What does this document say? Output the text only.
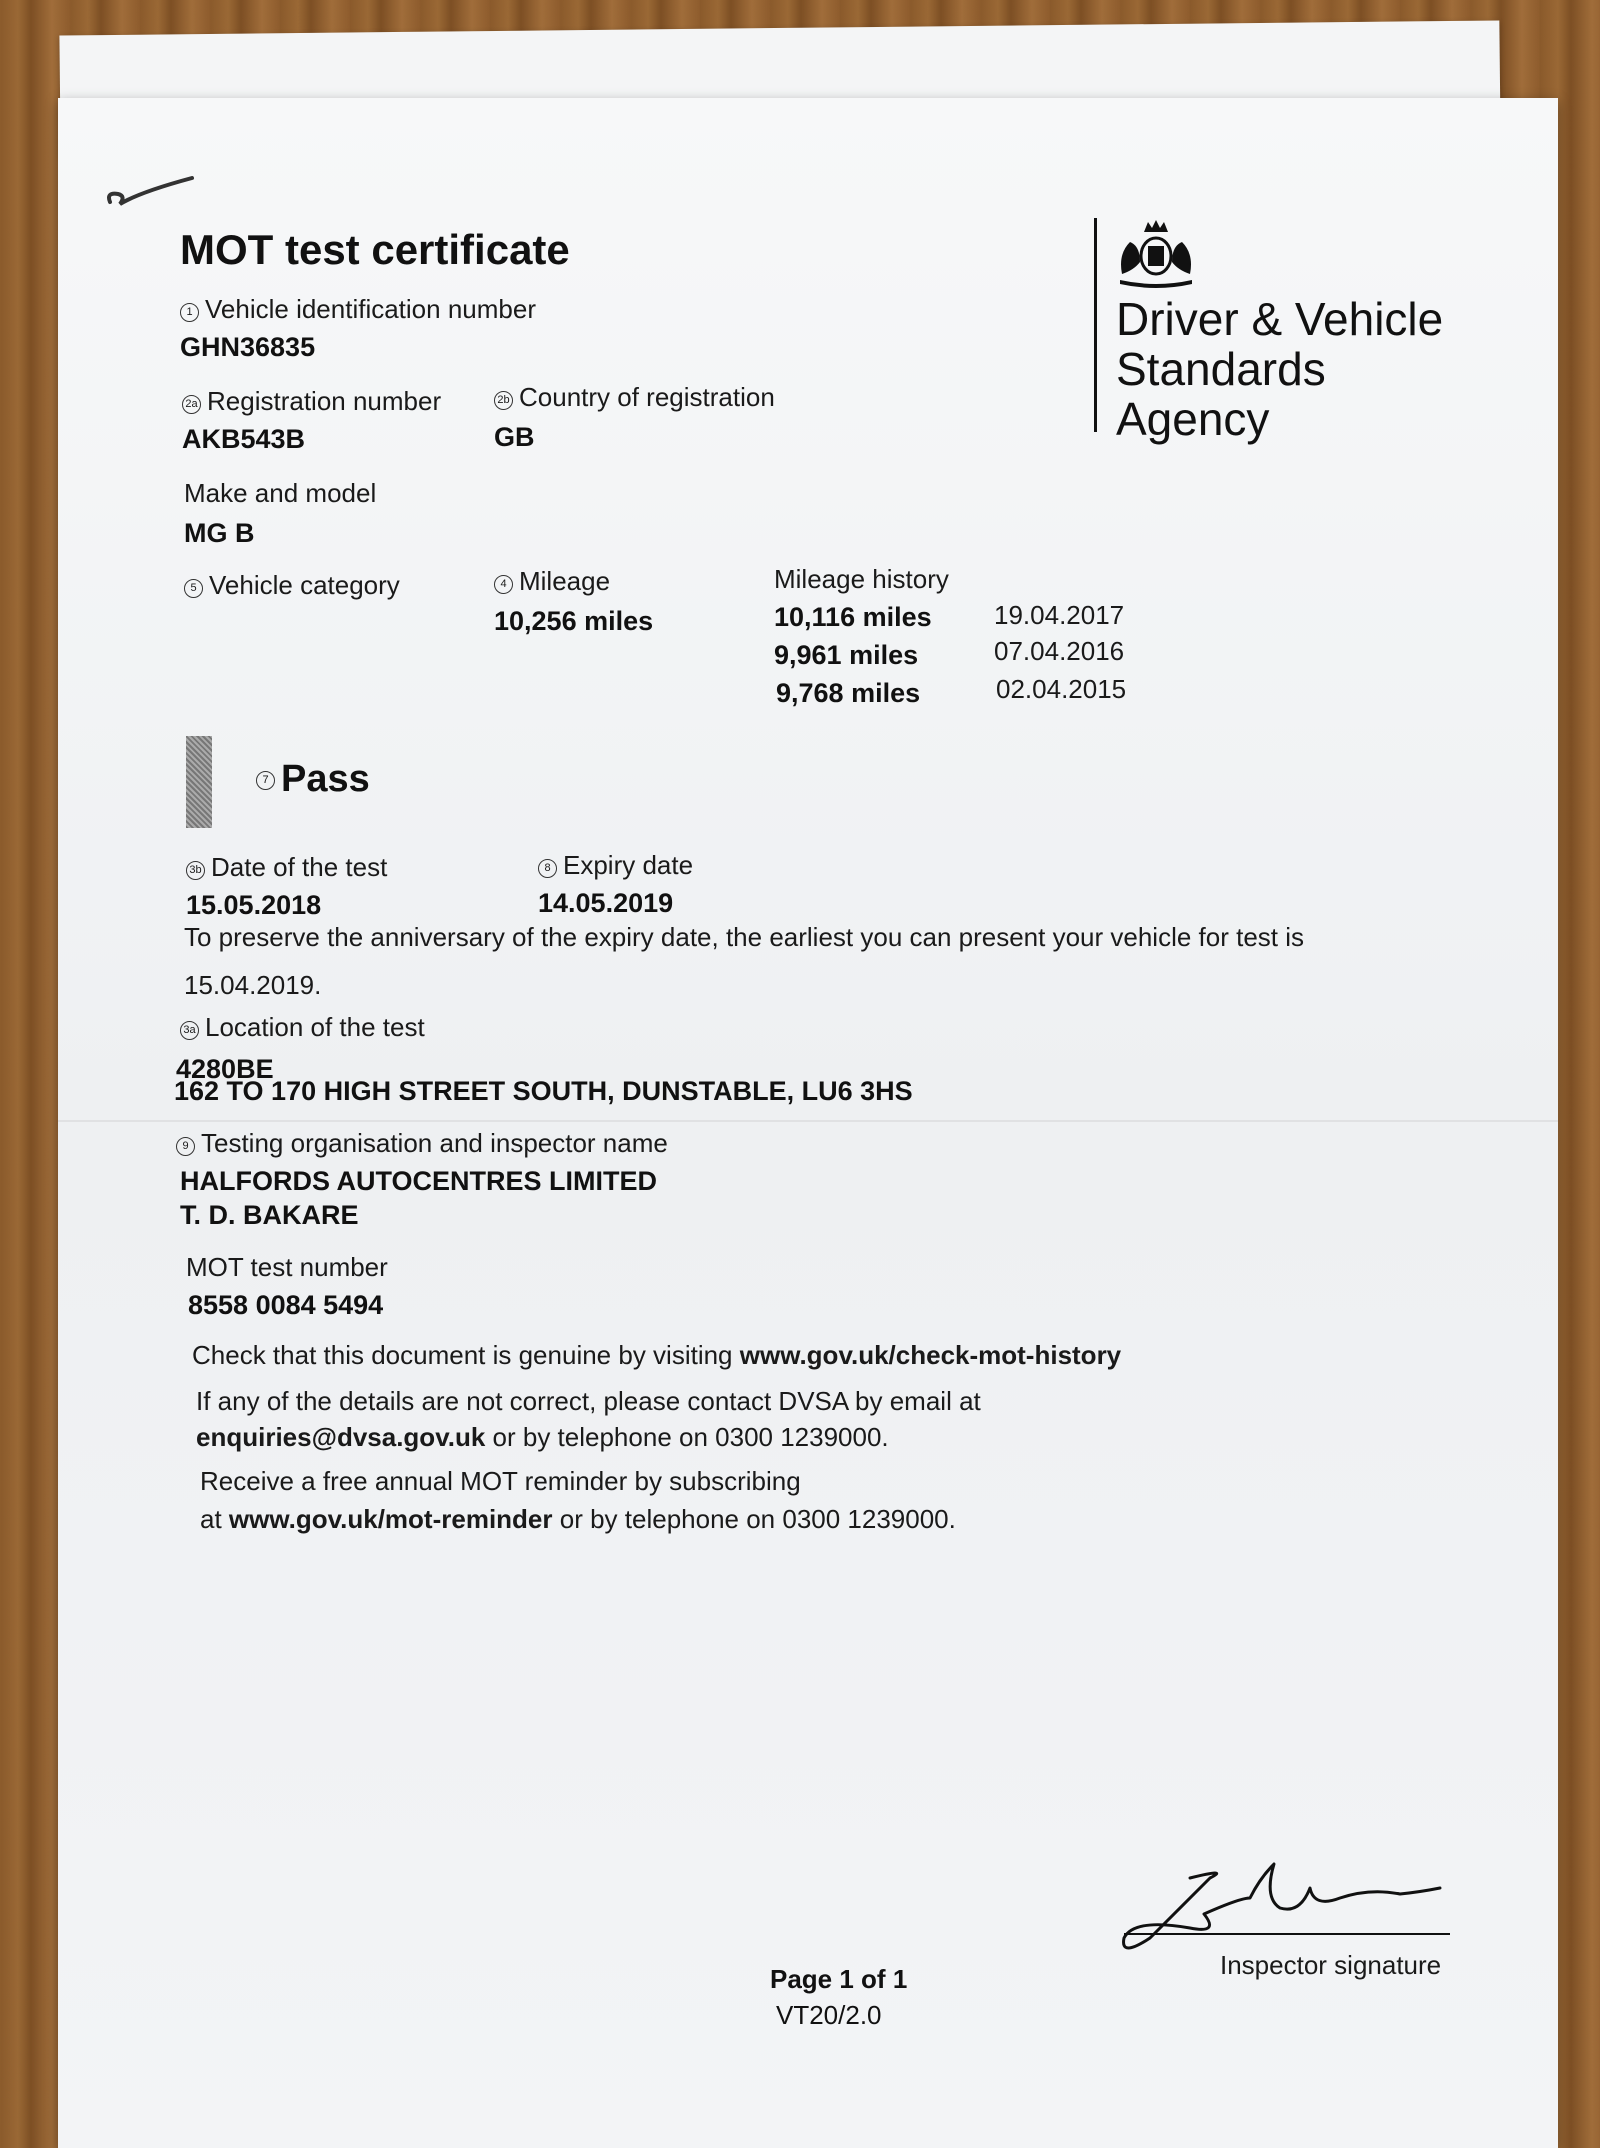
MOT test certificate
Driver & Vehicle
Standards
Agency
1 Vehicle identification number
GHN36835
2a Registration number
AKB543B
2b Country of registration
GB
Make and model
MG B
5 Vehicle category	4 Mileage
10,256 miles
Mileage history
10,116 miles 19.04.2017
9,961 miles	07.04.2016
9,768 miles	02.04.2015
7 Pass
3b Date of the test
15.05.2018
8 Expiry date
14.05.2019
To preserve the anniversary of the expiry date, the earliest you can present your vehicle for test is
15.04.2019.
3a Location of the test
4280BE
162 TO 170 HIGH STREET SOUTH, DUNSTABLE, LU6 3HS
9 Testing organisation and inspector name
HALFORDS AUTOCENTRES LIMITED
T. D. BAKARE
MOT test number
8558 0084 5494
Check that this document is genuine by visiting www.gov.uk/check-mot-history
If any of the details are not correct, please contact DVSA by email at
enquiries@dvsa.gov.uk or by telephone on 0300 1239000.
Receive a free annual MOT reminder by subscribing
at www.gov.uk/mot-reminder or by telephone on 0300 1239000.
Inspector signature
Page 1 of 1
VT20/2.0
